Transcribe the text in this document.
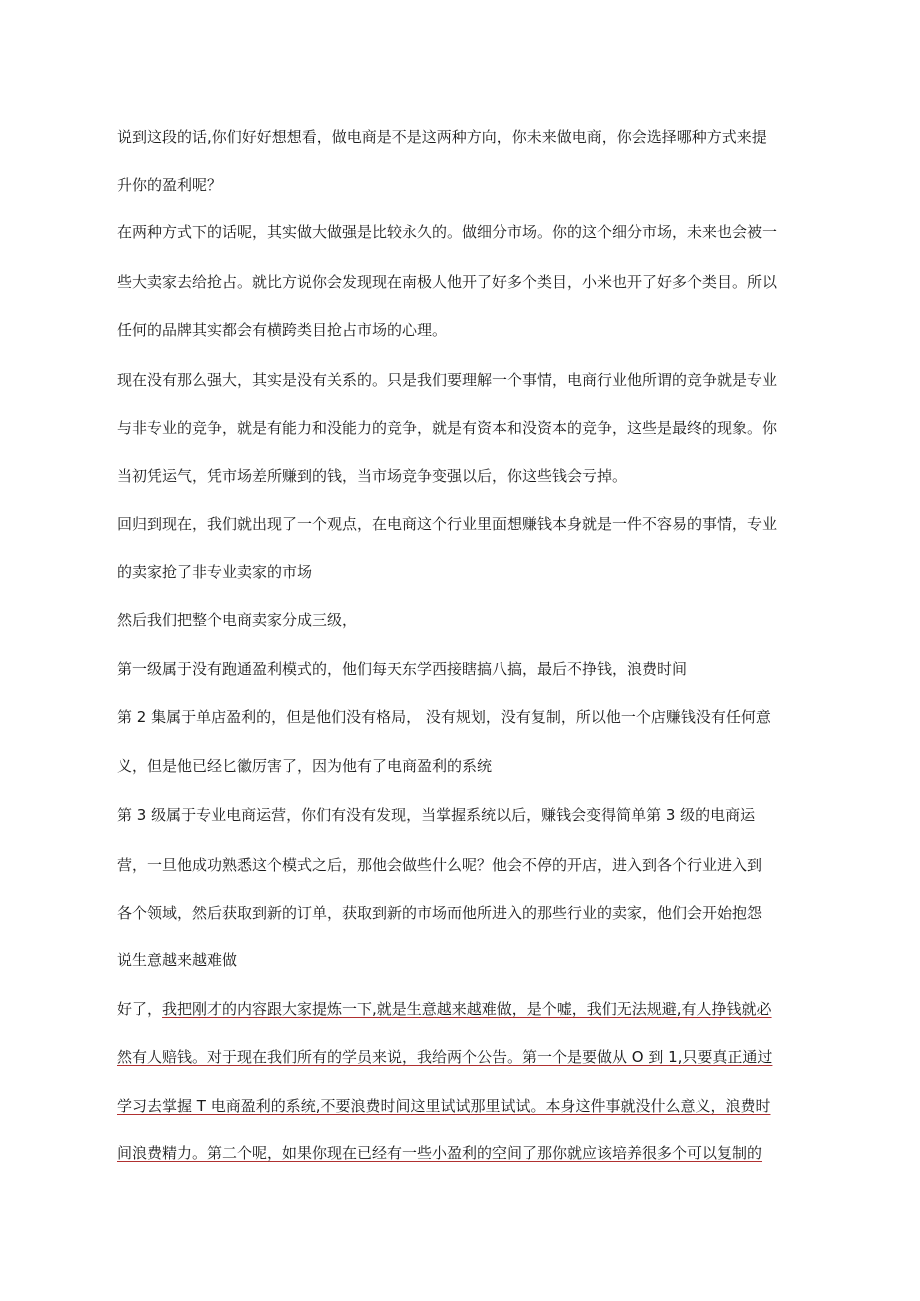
说到这段的话,你们好好想想看，做电商是不是这两种方向，你未来做电商，你会选择哪种方式来提
升你的盈利呢？
在两种方式下的话呢，其实做大做强是比较永久的。做细分市场。你的这个细分市场，未来也会被一
些大卖家去给抢占。就比方说你会发现现在南极人他开了好多个类目，小米也开了好多个类目。所以
任何的品牌其实都会有横跨类目抢占市场的心理。
现在没有那么强大，其实是没有关系的。只是我们要理解一个事情，电商行业他所谓的竞争就是专业
与非专业的竞争，就是有能力和没能力的竞争，就是有资本和没资本的竞争，这些是最终的现象。你
当初凭运气，凭市场差所赚到的钱，当市场竞争变强以后，你这些钱会亏掉。
回归到现在，我们就出现了一个观点，在电商这个行业里面想赚钱本身就是一件不容易的事情，专业
的卖家抢了非专业卖家的市场
然后我们把整个电商卖家分成三级，
第一级属于没有跑通盈利模式的，他们每天东学西接瞎搞八搞，最后不挣钱，浪费时间
第 2 集属于单店盈利的，但是他们没有格局， 没有规划，没有复制，所以他一个店赚钱没有任何意
义，但是他已经匕徽厉害了，因为他有了电商盈利的系统
第 3 级属于专业电商运营，你们有没有发现，当掌握系统以后，赚钱会变得简单第 3 级的电商运
营，一旦他成功熟悉这个模式之后，那他会做些什么呢？他会不停的开店，进入到各个行业进入到
各个领域，然后获取到新的订单，获取到新的市场而他所进入的那些行业的卖家，他们会开始抱怨
说生意越来越难做
好了，我把刚才的内容跟大家提炼一下,就是生意越来越难做，是个嘘，我们无法规避,有人挣钱就必
然有人赔钱。对于现在我们所有的学员来说，我给两个公告。第一个是要做从 O 到 1,只要真正通过
学习去掌握 T 电商盈利的系统,不要浪费时间这里试试那里试试。本身这件事就没什么意义，浪费时
间浪费精力。第二个呢，如果你现在已经有一些小盈利的空间了那你就应该培养很多个可以复制的
